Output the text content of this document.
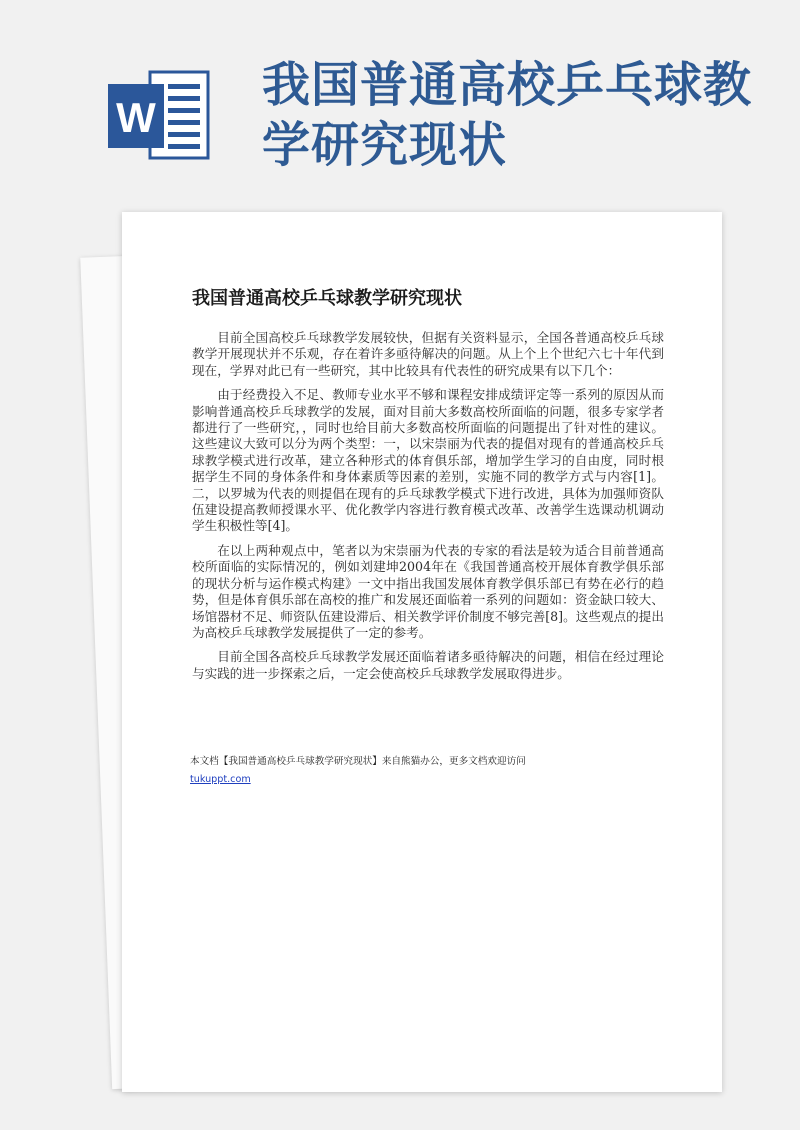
W
我国普通高校乒乓球教
学研究现状
我国普通高校乒乓球教学研究现状

目前全国高校乒乓球教学发展较快，但据有关资料显示，全国各普通高校乒乓球教学开展现状并不乐观，存在着许多亟待解决的问题。从上个上个世纪六七十年代到现在，学界对此已有一些研究，其中比较具有代表性的研究成果有以下几个：

由于经费投入不足、教师专业水平不够和课程安排成绩评定等一系列的原因从而影响普通高校乒乓球教学的发展，面对目前大多数高校所面临的问题，很多专家学者都进行了一些研究，，同时也给目前大多数高校所面临的问题提出了针对性的建议。这些建议大致可以分为两个类型：一，以宋崇丽为代表的提倡对现有的普通高校乒乓球教学模式进行改革，建立各种形式的体育俱乐部，增加学生学习的自由度，同时根据学生不同的身体条件和身体素质等因素的差别，实施不同的教学方式与内容[1]。二，以罗城为代表的则提倡在现有的乒乓球教学模式下进行改进，具体为加强师资队伍建设提高教师授课水平、优化教学内容进行教育模式改革、改善学生选课动机调动学生积极性等[4]。

在以上两种观点中，笔者以为宋崇丽为代表的专家的看法是较为适合目前普通高校所面临的实际情况的，例如刘建坤2004年在《我国普通高校开展体育教学俱乐部的现状分析与运作模式构建》一文中指出我国发展体育教学俱乐部已有势在必行的趋势，但是体育俱乐部在高校的推广和发展还面临着一系列的问题如：资金缺口较大、场馆器材不足、师资队伍建设滞后、相关教学评价制度不够完善[8]。这些观点的提出为高校乒乓球教学发展提供了一定的参考。

目前全国各高校乒乓球教学发展还面临着诸多亟待解决的问题，相信在经过理论与实践的进一步探索之后，一定会使高校乒乓球教学发展取得进步。

本文档【我国普通高校乒乓球教学研究现状】来自熊猫办公，更多文档欢迎访问
tukuppt.com
